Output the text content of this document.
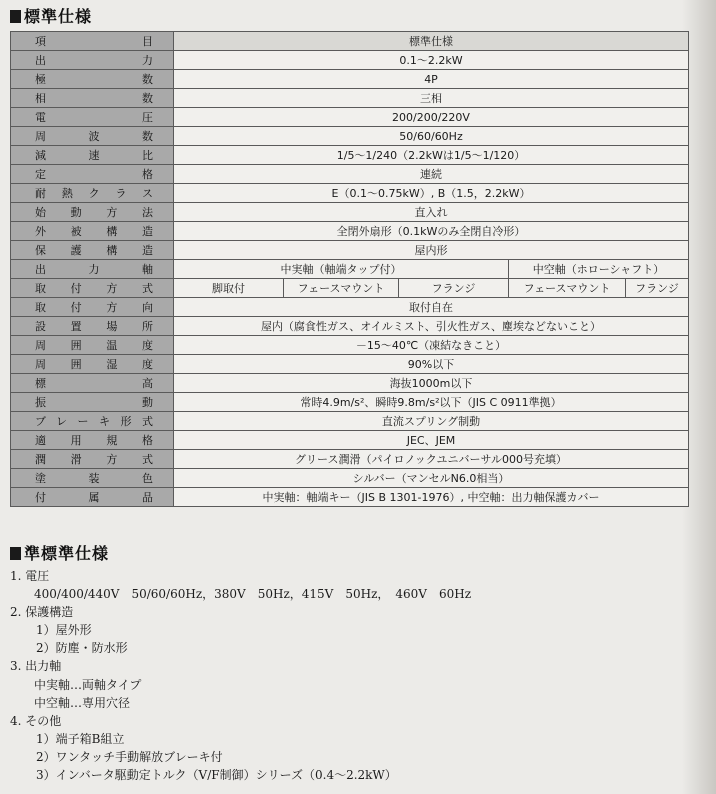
標準仕様
項目	標準仕様				
出力	0.1～2.2kW				
極数	4P				
相数	三相				
電圧	200/200/220V				
周波数	50/60/60Hz				
減速比	1/5～1/240（2.2kWは1/5～1/120）				
定格	連続				
耐熱クラス	E（0.1～0.75kW）, B（1.5，2.2kW）				
始動方法	直入れ				
外被構造	全閉外扇形（0.1kWのみ全閉自冷形）				
保護構造	屋内形				
出力軸	中実軸（軸端タップ付）			中空軸（ホローシャフト）	
取付方式	脚取付	フェースマウント	フランジ	フェースマウント	フランジ
取付方向	取付自在				
設置場所	屋内（腐食性ガス、オイルミスト、引火性ガス、塵埃などないこと）				
周囲温度	－15～40℃（凍結なきこと）				
周囲湿度	90%以下				
標高	海抜1000m以下				
振動	常時4.9m/s²、瞬時9.8m/s²以下（JIS C 0911準拠）				
ブレーキ形式	直流スプリング制動				
適用規格	JEC、JEM				
潤滑方式	グリース潤滑（パイロノックユニバーサル000号充填）				
塗装色	シルバー（マンセルN6.0相当）				
付属品	中実軸：軸端キー（JIS B 1301-1976）, 中空軸：出力軸保護カバー				
準標準仕様
1. 電圧
400/400/440V　50/60/60Hz，380V　50Hz，415V　50Hz，　460V　60Hz
2. 保護構造
1）屋外形
2）防塵・防水形
3. 出力軸
中実軸…両軸タイプ
中空軸…専用穴径
4. その他
1）端子箱B組立
2）ワンタッチ手動解放ブレーキ付
3）インバータ駆動定トルク（V/F制御）シリーズ（0.4～2.2kW）
